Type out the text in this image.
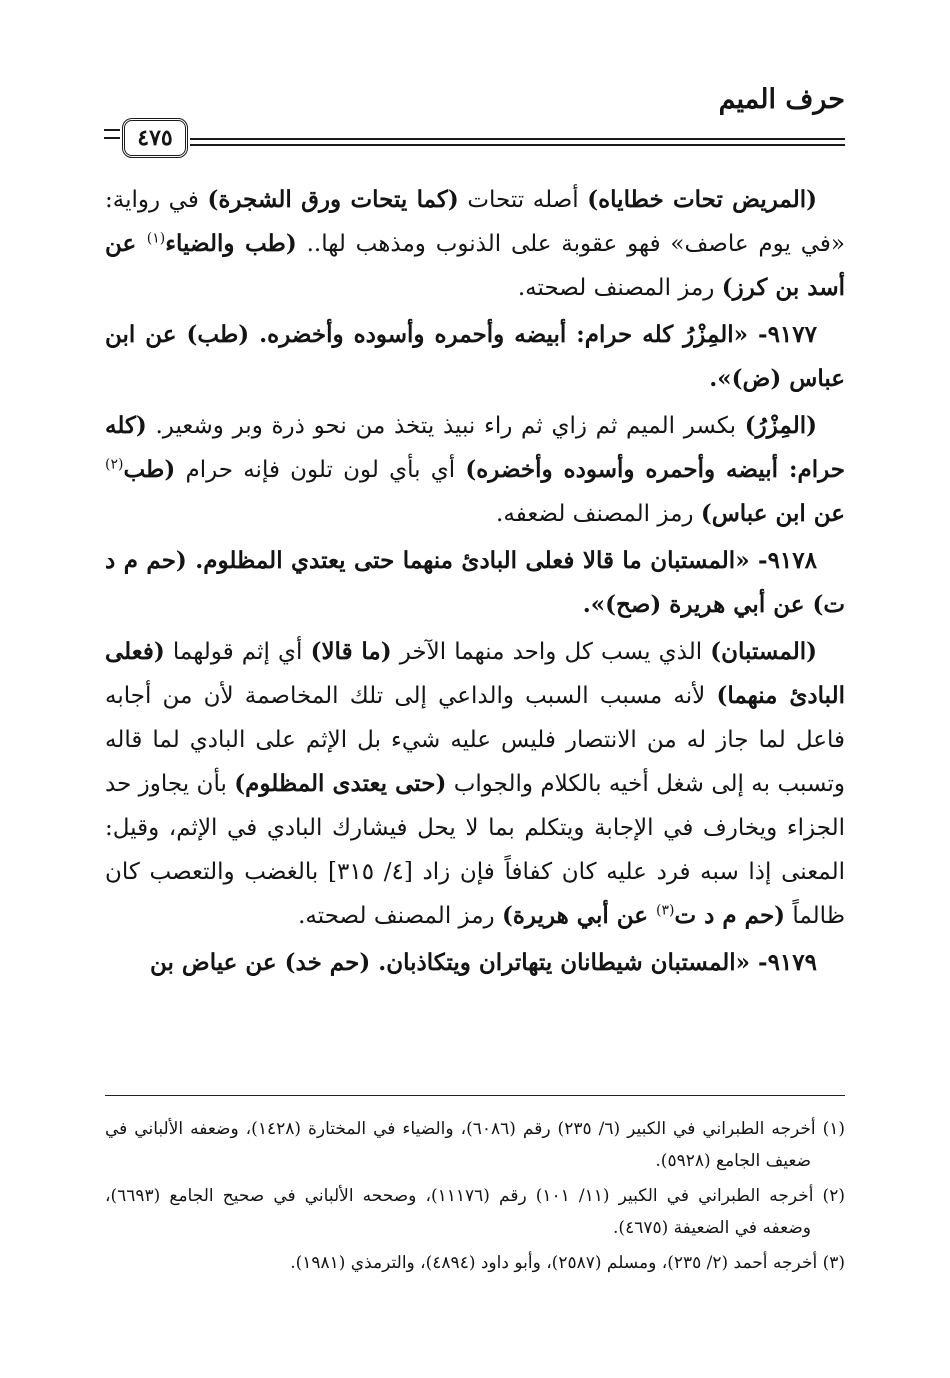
حرف الميم
٤٧٥

(المريض تحات خطاياه) أصله تتحات (كما يتحات ورق الشجرة) في رواية: «في يوم عاصف» فهو عقوبة على الذنوب ومذهب لها.. (طب والضياء$^{(١)}$ عن أسد بن كرز) رمز المصنف لصحته.

٩١٧٧- «المِزْرُ كله حرام: أبيضه وأحمره وأسوده وأخضره. (طب) عن ابن عباس (ض)».

(المِزْرُ) بكسر الميم ثم زاي ثم راء نبيذ يتخذ من نحو ذرة وبر وشعير. (كله حرام: أبيضه وأحمره وأسوده وأخضره) أي بأي لون تلون فإنه حرام (طب$^{(٢)}$ عن ابن عباس) رمز المصنف لضعفه.

٩١٧٨- «المستبان ما قالا فعلى البادئ منهما حتى يعتدي المظلوم. (حم م د ت) عن أبي هريرة (صح)».

(المستبان) الذي يسب كل واحد منهما الآخر (ما قالا) أي إثم قولهما (فعلى البادئ منهما) لأنه مسبب السبب والداعي إلى تلك المخاصمة لأن من أجابه فاعل لما جاز له من الانتصار فليس عليه شيء بل الإثم على البادي لما قاله وتسبب به إلى شغل أخيه بالكلام والجواب (حتى يعتدى المظلوم) بأن يجاوز حد الجزاء ويخارف في الإجابة ويتكلم بما لا يحل فيشارك البادي في الإثم، وقيل: المعنى إذا سبه فرد عليه كان كفافاً فإن زاد [٤/ ٣١٥] بالغضب والتعصب كان ظالماً (حم م د ت$^{(٣)}$ عن أبي هريرة) رمز المصنف لصحته.

٩١٧٩- «المستبان شيطانان يتهاتران ويتكاذبان. (حم خد) عن عياض بن

(١) أخرجه الطبراني في الكبير (٦/ ٢٣٥) رقم (٦٠٨٦)، والضياء في المختارة (١٤٢٨)، وضعفه الألباني في ضعيف الجامع (٥٩٢٨).
(٢) أخرجه الطبراني في الكبير (١١/ ١٠١) رقم (١١١٧٦)، وصححه الألباني في صحيح الجامع (٦٦٩٣)، وضعفه في الضعيفة (٤٦٧٥).
(٣) أخرجه أحمد (٢/ ٢٣٥)، ومسلم (٢٥٨٧)، وأبو داود (٤٨٩٤)، والترمذي (١٩٨١).
